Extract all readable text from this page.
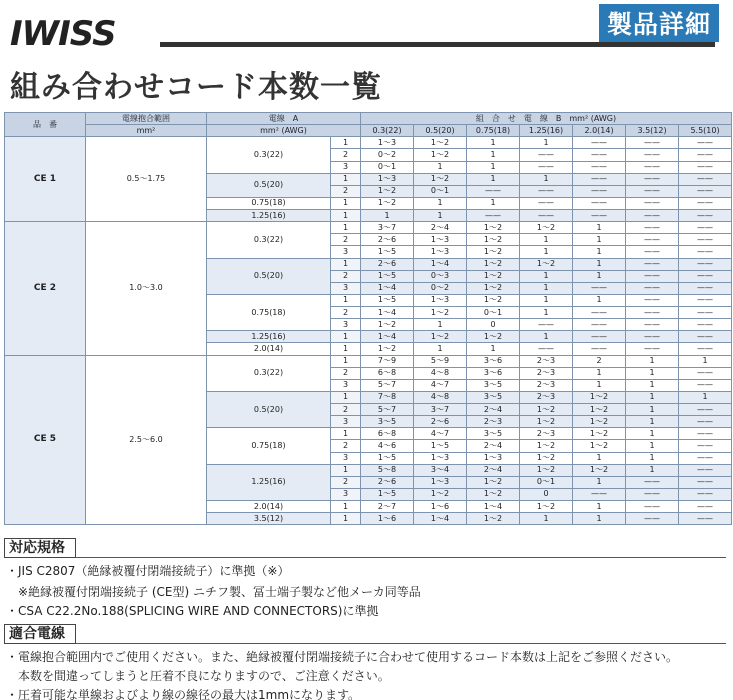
IWISS	製品詳細
組み合わせコード本数一覧
品　番	電線抱合範囲	電線　A		組　合　せ　電　線　B　mm² (AWG)						
	mm²	mm² (AWG)		0.3(22)	0.5(20)	0.75(18)	1.25(16)	2.0(14)	3.5(12)	5.5(10)
CE 1	0.5～1.75	0.3(22)	1	1～3	1～2	1	1	——	——	——
			2	0～2	1～2	1	——	——	——	——
			3	0～1	1	1	——	——	——	——
		0.5(20)	1	1～3	1～2	1	1	——	——	——
			2	1～2	0～1	——	——	——	——	——
		0.75(18)	1	1～2	1	1	——	——	——	——
		1.25(16)	1	1	1	——	——	——	——	——
CE 2	1.0～3.0	0.3(22)	1	3～7	2～4	1～2	1～2	1	——	——
			2	2～6	1～3	1～2	1	1	——	——
			3	1～5	1～3	1～2	1	1	——	——
		0.5(20)	1	2～6	1～4	1～2	1～2	1	——	——
			2	1～5	0～3	1～2	1	1	——	——
			3	1～4	0～2	1～2	1	——	——	——
		0.75(18)	1	1～5	1～3	1～2	1	1	——	——
			2	1～4	1～2	0～1	1	——	——	——
			3	1～2	1	0	——	——	——	——
		1.25(16)	1	1～4	1～2	1～2	1	——	——	——
		2.0(14)	1	1～2	1	1	——	——	——	——
CE 5	2.5～6.0	0.3(22)	1	7～9	5～9	3～6	2～3	2	1	1
			2	6～8	4～8	3～6	2～3	1	1	——
			3	5～7	4～7	3～5	2～3	1	1	——
		0.5(20)	1	7～8	4～8	3～5	2～3	1～2	1	1
			2	5～7	3～7	2～4	1～2	1～2	1	——
			3	3～5	2～6	2～3	1～2	1～2	1	——
		0.75(18)	1	6～8	4～7	3～5	2～3	1～2	1	——
			2	4～6	1～5	2～4	1～2	1～2	1	——
			3	1～5	1～3	1～3	1～2	1	1	——
		1.25(16)	1	5～8	3～4	2～4	1～2	1～2	1	——
			2	2～6	1～3	1～2	0～1	1	——	——
			3	1～5	1～2	1～2	0	——	——	——
		2.0(14)	1	2～7	1～6	1～4	1～2	1	——	——
		3.5(12)	1	1～6	1～4	1～2	1	1	——	——
対応規格
・JIS C2807（絶縁被覆付閉端接続子）に準拠（※）
　※絶縁被覆付閉端接続子 (CE型) ニチフ製、冨士端子製など他メーカ同等品
・CSA C22.2No.188(SPLICING WIRE AND CONNECTORS)に準拠
適合電線
・電線抱合範囲内でご使用ください。また、絶縁被覆付閉端接続子に合わせて使用するコード本数は上記をご参照ください。
　本数を間違ってしまうと圧着不良になりますので、ご注意ください。
・圧着可能な単線およびより線の線径の最大は1mmになります。
